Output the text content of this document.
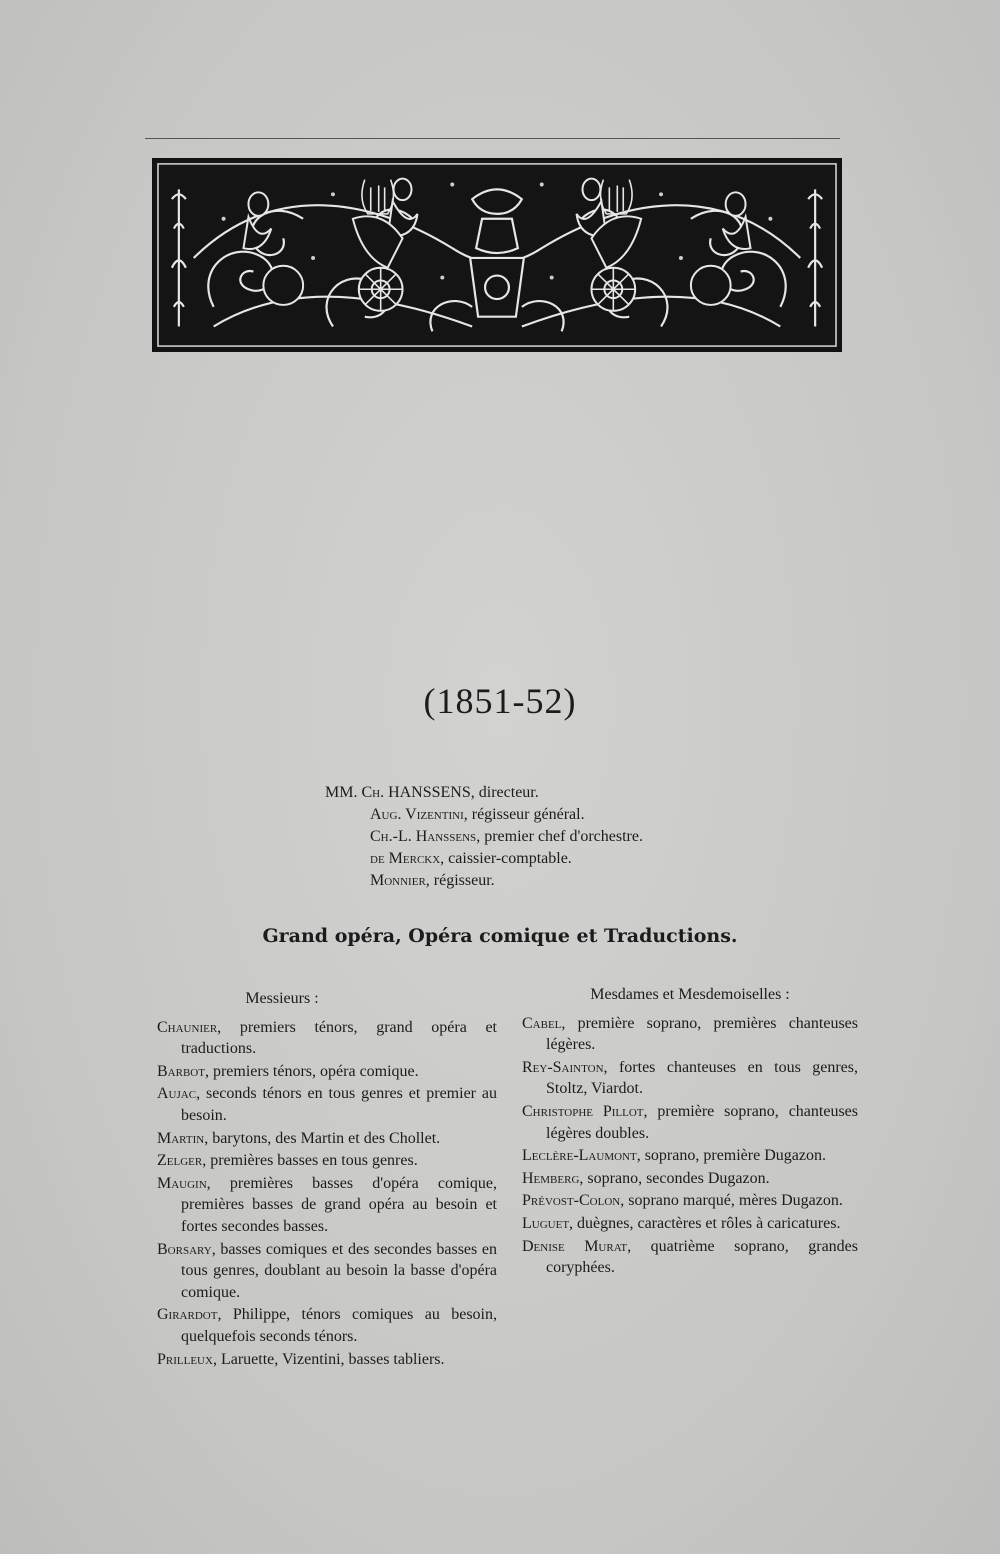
(1851-52)
MM. Ch. HANSSENS, directeur.
Aug. Vizentini, régisseur général.
Ch.-L. Hanssens, premier chef d'orchestre.
de Merckx, caissier-comptable.
Monnier, régisseur.
Grand opéra, Opéra comique et Traductions.
Messieurs :
Chaunier, premiers ténors, grand opéra et traductions.
Barbot, premiers ténors, opéra comique.
Aujac, seconds ténors en tous genres et premier au besoin.
Martin, barytons, des Martin et des Chollet.
Zelger, premières basses en tous genres.
Maugin, premières basses d'opéra comique, premières basses de grand opéra au besoin et fortes secondes basses.
Borsary, basses comiques et des secondes basses en tous genres, doublant au besoin la basse d'opéra comique.
Girardot, Philippe, ténors comiques au besoin, quelquefois seconds ténors.
Prilleux, Laruette, Vizentini, basses tabliers.
Mesdames et Mesdemoiselles :
Cabel, première soprano, premières chanteuses légères.
Rey-Sainton, fortes chanteuses en tous genres, Stoltz, Viardot.
Christophe Pillot, première soprano, chanteuses légères doubles.
Leclère-Laumont, soprano, première Dugazon.
Hemberg, soprano, secondes Dugazon.
Prévost-Colon, soprano marqué, mères Dugazon.
Luguet, duègnes, caractères et rôles à caricatures.
Denise Murat, quatrième soprano, grandes coryphées.
